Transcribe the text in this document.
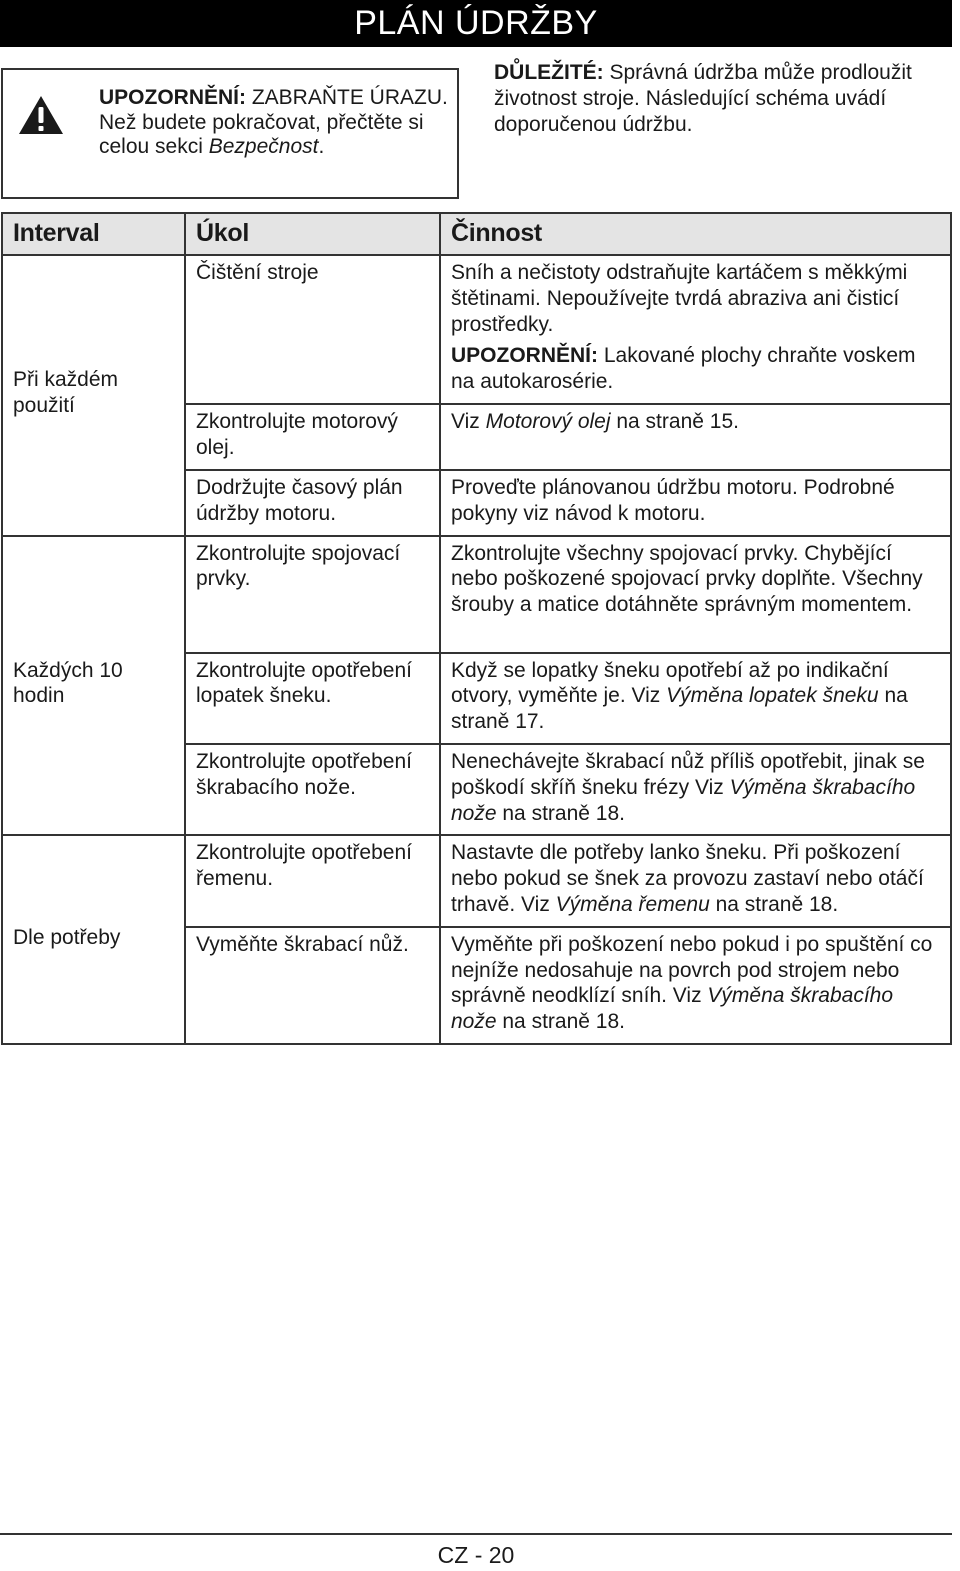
PLÁN ÚDRŽBY
UPOZORNĚNÍ: ZABRAŇTE ÚRAZU. Než budete pokračovat, přečtěte si celou sekci Bezpečnost.
DŮLEŽITÉ: Správná údržba může prodloužit životnost stroje. Následující schéma uvádí doporučenou údržbu.
Interval	Úkol	Činnost
Při každém použití	Čištění stroje	Sníh a nečistoty odstraňujte kartáčem s měkkými štětinami. Nepoužívejte tvrdá abraziva ani čisticí prostředky.

UPOZORNĚNÍ: Lakované plochy chraňte voskem na autokarosérie.

	Zkontrolujte motorový olej.	Viz Motorový olej na straně 15.
	Dodržujte časový plán údržby motoru.	Proveďte plánovanou údržbu motoru. Podrobné pokyny viz návod k motoru.
Každých 10 hodin	Zkontrolujte spojovací prvky.	Zkontrolujte všechny spojovací prvky. Chybějící nebo poškozené spojovací prvky doplňte. Všechny šrouby a matice dotáhněte správným momentem.
	Zkontrolujte opotřebení lopatek šneku.	Když se lopatky šneku opotřebí až po indikační otvory, vyměňte je. Viz Výměna lopatek šneku na straně 17.
	Zkontrolujte opotřebení škrabacího nože.	Nenechávejte škrabací nůž příliš opotřebit, jinak se poškodí skříň šneku frézy Viz Výměna škrabacího nože na straně 18.
Dle potřeby	Zkontrolujte opotřebení řemenu.	Nastavte dle potřeby lanko šneku. Při poškození nebo pokud se šnek za provozu zastaví nebo otáčí trhavě. Viz Výměna řemenu na straně 18.
	Vyměňte škrabací nůž.	Vyměňte při poškození nebo pokud i po spuštění co nejníže nedosahuje na povrch pod strojem nebo správně neodklízí sníh. Viz Výměna škrabacího nože na straně 18.
CZ - 20
